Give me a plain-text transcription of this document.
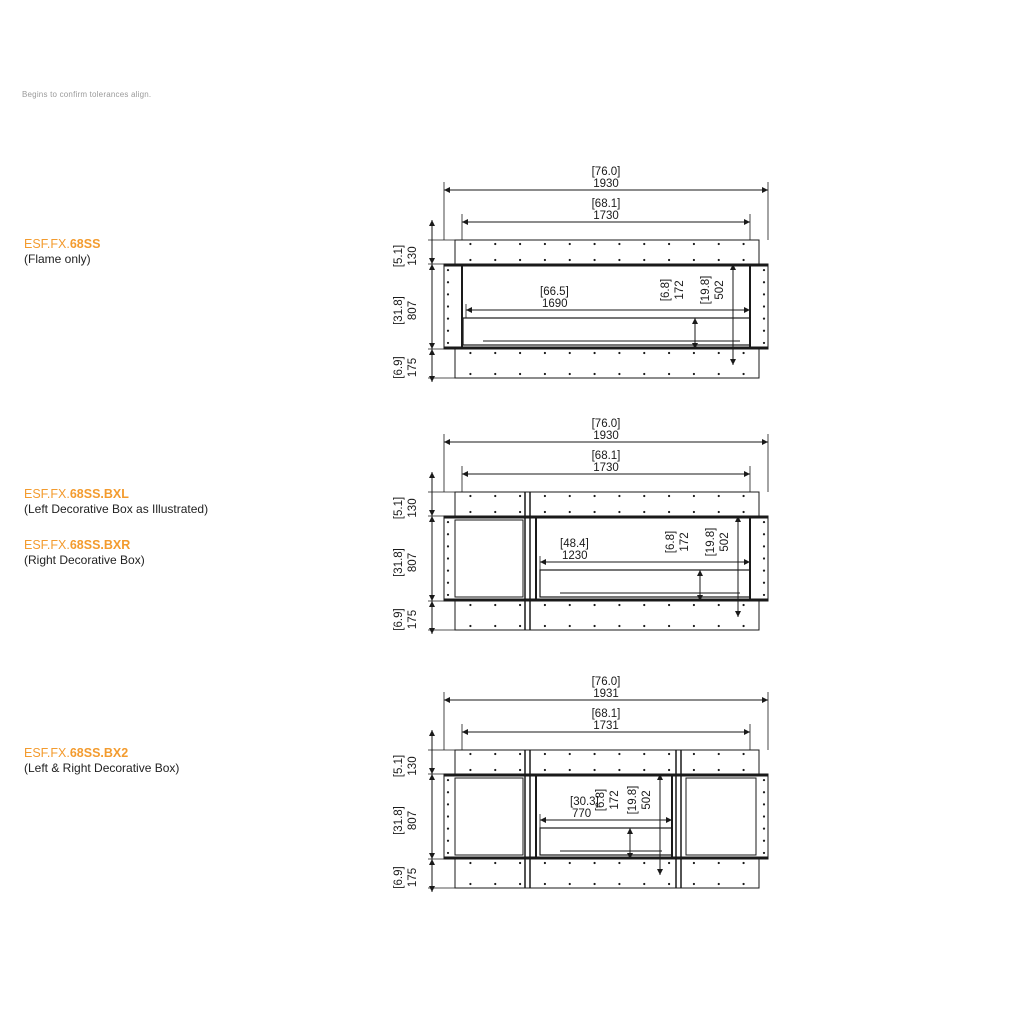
Begins to confirm tolerances align.
ESF.FX.68SS
(Flame only)
ESF.FX.68SS.BXL
(Left Decorative Box as Illustrated)
ESF.FX.68SS.BXR
(Right Decorative Box)
ESF.FX.68SS.BX2
(Left & Right Decorative Box)
[76.0]
1930
[68.1]
1730
[5.1] 130
[31.8] 807
[6.9] 175
[66.5]
1690
[6.8] 172 [19.8] 502
[76.0]
1930
[68.1]
1730
[5.1] 130
[31.8] 807
[6.9] 175
[48.4]
1230
[6.8] 172 [19.8] 502
[76.0]
1931
[68.1]
1731
[5.1] 130
[31.8] 807
[6.9] 175
[30.3]
770
[6.8] 172 [19.8] 502
